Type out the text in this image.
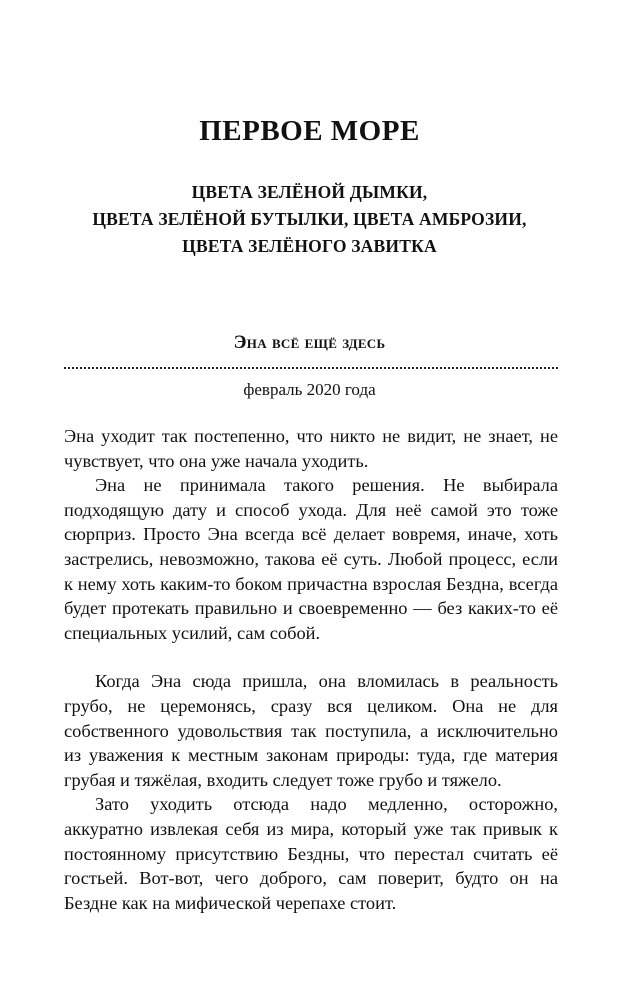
ПЕРВОЕ МОРЕ
ЦВЕТА ЗЕЛЁНОЙ ДЫМКИ,
ЦВЕТА ЗЕЛЁНОЙ БУТЫЛКИ, ЦВЕТА АМБРОЗИИ,
ЦВЕТА ЗЕЛЁНОГО ЗАВИТКА
Эна всё ещё здесь

февраль 2020 года

Эна уходит так постепенно, что никто не видит, не знает, не чувствует, что она уже начала уходить.

Эна не принимала такого решения. Не выбирала подходящую дату и способ ухода. Для неё самой это тоже сюрприз. Просто Эна всегда всё делает вовремя, иначе, хоть застрелись, невозможно, такова её суть. Любой процесс, если к нему хоть каким-то боком причастна взрослая Бездна, всегда будет протекать правильно и своевременно — без каких-то её специальных усилий, сам собой.

Когда Эна сюда пришла, она вломилась в реальность грубо, не церемонясь, сразу вся целиком. Она не для собственного удовольствия так поступила, а исключительно из уважения к местным законам природы: туда, где материя грубая и тяжёлая, входить следует тоже грубо и тяжело.

Зато уходить отсюда надо медленно, осторожно, аккуратно извлекая себя из мира, который уже так привык к постоянному присутствию Бездны, что перестал считать её гостьей. Вот-вот, чего доброго, сам поверит, будто он на Бездне как на мифической черепахе стоит.
